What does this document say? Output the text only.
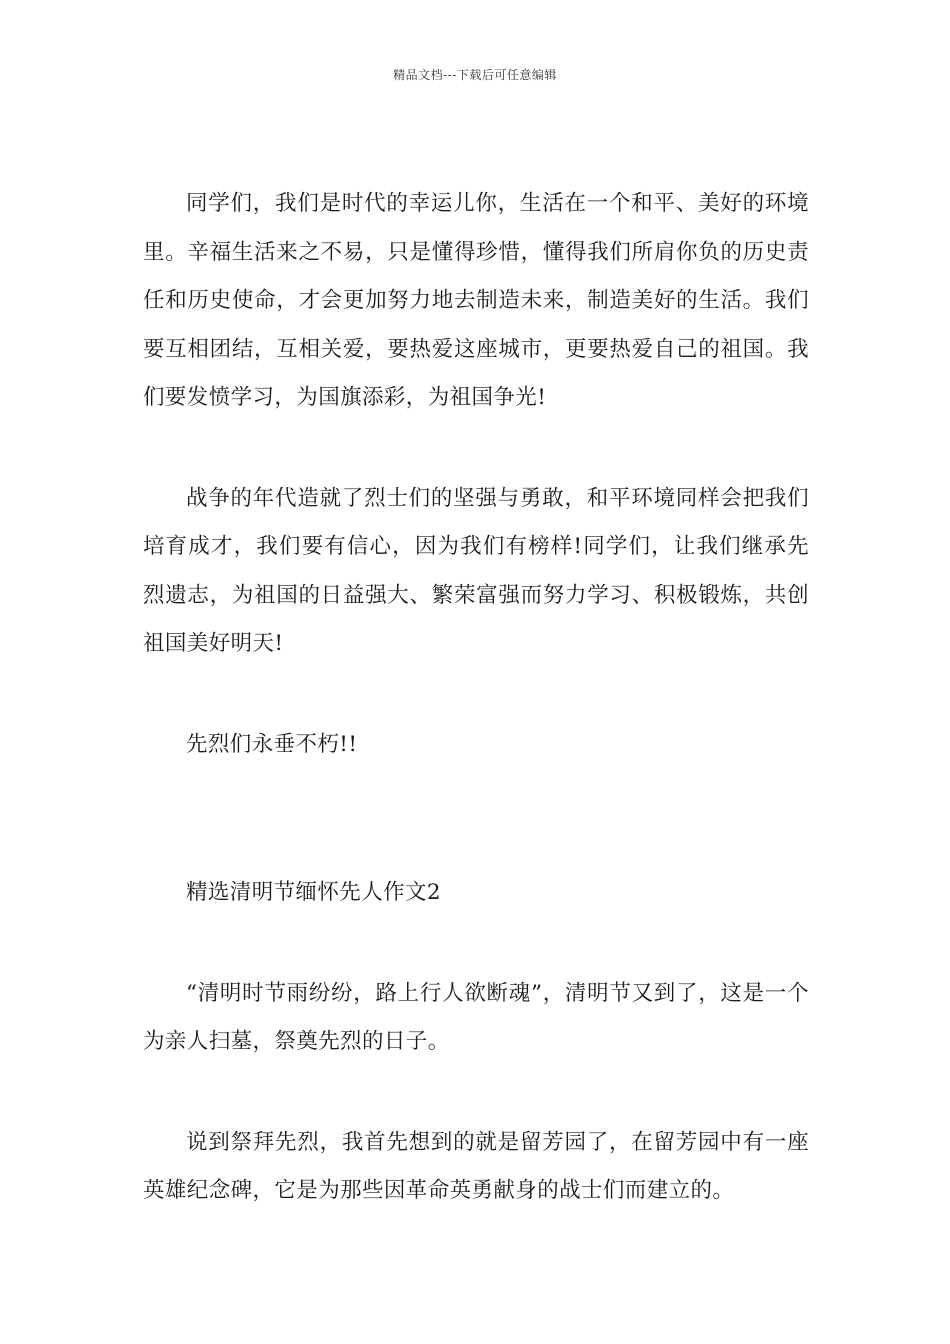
精品文档---下载后可任意编辑

同学们，我们是时代的幸运儿你，生活在一个和平、美好的环境里。辛福生活来之不易，只是懂得珍惜，懂得我们所肩你负的历史责任和历史使命，才会更加努力地去制造未来，制造美好的生活。我们要互相团结，互相关爱，要热爱这座城市，更要热爱自己的祖国。我们要发愤学习，为国旗添彩，为祖国争光!

战争的年代造就了烈士们的坚强与勇敢，和平环境同样会把我们培育成才，我们要有信心，因为我们有榜样!同学们，让我们继承先烈遗志，为祖国的日益强大、繁荣富强而努力学习、积极锻炼，共创祖国美好明天!

先烈们永垂不朽!!

精选清明节缅怀先人作文2

“清明时节雨纷纷，路上行人欲断魂”，清明节又到了，这是一个为亲人扫墓，祭奠先烈的日子。

说到祭拜先烈，我首先想到的就是留芳园了，在留芳园中有一座英雄纪念碑，它是为那些因革命英勇献身的战士们而建立的。
